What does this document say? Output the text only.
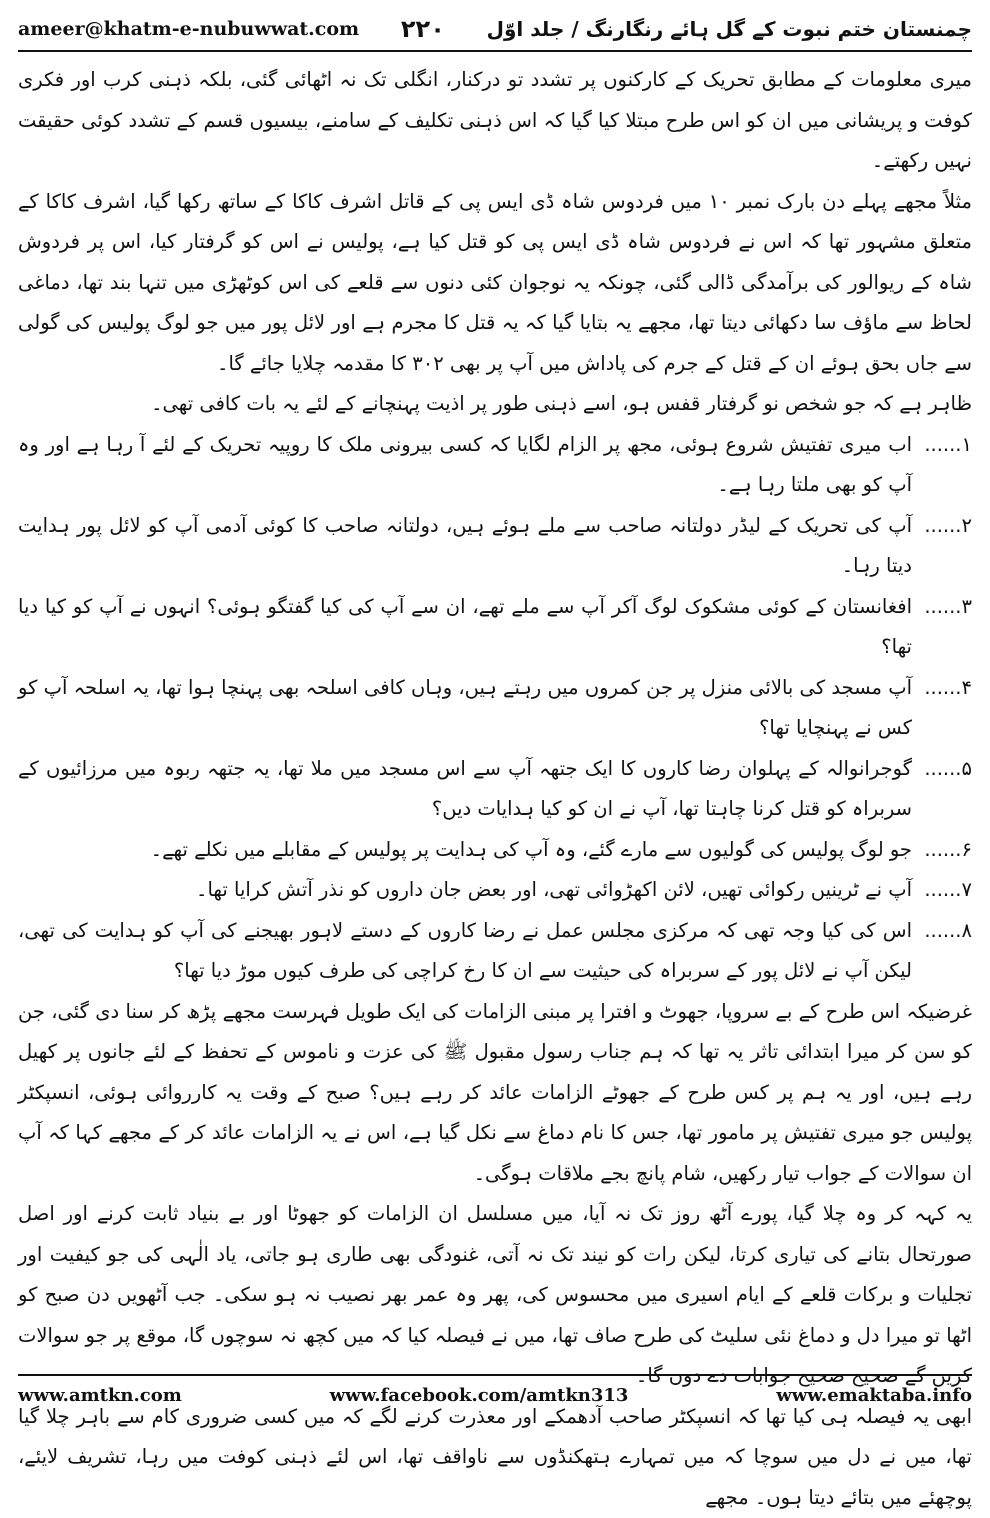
ameer@khatm-e-nubuwwat.com ۲۲۰ چمنستان ختم نبوت کے گل ہائے رنگارنگ / جلد اوّل

میری معلومات کے مطابق تحریک کے کارکنوں پر تشدد تو درکنار، انگلی تک نہ اٹھائی گئی، بلکہ ذہنی کرب اور فکری کوفت و پریشانی میں ان کو اس طرح مبتلا کیا گیا کہ اس ذہنی تکلیف کے سامنے، بیسیوں قسم کے تشدد کوئی حقیقت نہیں رکھتے۔

مثلاً مجھے پہلے دن بارک نمبر ۱۰ میں فردوس شاہ ڈی ایس پی کے قاتل اشرف کاکا کے ساتھ رکھا گیا، اشرف کاکا کے متعلق مشہور تھا کہ اس نے فردوس شاہ ڈی ایس پی کو قتل کیا ہے، پولیس نے اس کو گرفتار کیا، اس پر فردوش شاہ کے ریوالور کی برآمدگی ڈالی گئی، چونکہ یہ نوجوان کئی دنوں سے قلعے کی اس کوٹھڑی میں تنہا بند تھا، دماغی لحاظ سے ماؤف سا دکھائی دیتا تھا، مجھے یہ بتایا گیا کہ یہ قتل کا مجرم ہے اور لائل پور میں جو لوگ پولیس کی گولی سے جاں بحق ہوئے ان کے قتل کے جرم کی پاداش میں آپ پر بھی ۳۰۲ کا مقدمہ چلایا جائے گا۔

ظاہر ہے کہ جو شخص نو گرفتار قفس ہو، اسے ذہنی طور پر اذیت پہنچانے کے لئے یہ بات کافی تھی۔

۱......
اب میری تفتیش شروع ہوئی، مجھ پر الزام لگایا کہ کسی بیرونی ملک کا روپیہ تحریک کے لئے آ رہا ہے اور وہ آپ کو بھی ملتا رہا ہے۔
۲......
آپ کی تحریک کے لیڈر دولتانہ صاحب سے ملے ہوئے ہیں، دولتانہ صاحب کا کوئی آدمی آپ کو لائل پور ہدایت دیتا رہا۔
۳......
افغانستان کے کوئی مشکوک لوگ آکر آپ سے ملے تھے، ان سے آپ کی کیا گفتگو ہوئی؟ انہوں نے آپ کو کیا دیا تھا؟
۴......
آپ مسجد کی بالائی منزل پر جن کمروں میں رہتے ہیں، وہاں کافی اسلحہ بھی پہنچا ہوا تھا، یہ اسلحہ آپ کو کس نے پہنچایا تھا؟
۵......
گوجرانوالہ کے پہلوان رضا کاروں کا ایک جتھہ آپ سے اس مسجد میں ملا تھا، یہ جتھہ ربوہ میں مرزائیوں کے سربراہ کو قتل کرنا چاہتا تھا، آپ نے ان کو کیا ہدایات دیں؟
۶......
جو لوگ پولیس کی گولیوں سے مارے گئے، وہ آپ کی ہدایت پر پولیس کے مقابلے میں نکلے تھے۔
۷......
آپ نے ٹرینیں رکوائی تھیں، لائن اکھڑوائی تھی، اور بعض جان داروں کو نذر آتش کرایا تھا۔
۸......
اس کی کیا وجہ تھی کہ مرکزی مجلس عمل نے رضا کاروں کے دستے لاہور بھیجنے کی آپ کو ہدایت کی تھی، لیکن آپ نے لائل پور کے سربراہ کی حیثیت سے ان کا رخ کراچی کی طرف کیوں موڑ دیا تھا؟

غرضیکہ اس طرح کے بے سروپا، جھوٹ و افترا پر مبنی الزامات کی ایک طویل فہرست مجھے پڑھ کر سنا دی گئی، جن کو سن کر میرا ابتدائی تاثر یہ تھا کہ ہم جناب رسول مقبول ﷺ کی عزت و ناموس کے تحفظ کے لئے جانوں پر کھیل رہے ہیں، اور یہ ہم پر کس طرح کے جھوٹے الزامات عائد کر رہے ہیں؟ صبح کے وقت یہ کارروائی ہوئی، انسپکٹر پولیس جو میری تفتیش پر مامور تھا، جس کا نام دماغ سے نکل گیا ہے، اس نے یہ الزامات عائد کر کے مجھے کہا کہ آپ ان سوالات کے جواب تیار رکھیں، شام پانچ بجے ملاقات ہوگی۔

یہ کہہ کر وہ چلا گیا، پورے آٹھ روز تک نہ آیا، میں مسلسل ان الزامات کو جھوٹا اور بے بنیاد ثابت کرنے اور اصل صورتحال بتانے کی تیاری کرتا، لیکن رات کو نیند تک نہ آتی، غنودگی بھی طاری ہو جاتی، یاد الٰہی کی جو کیفیت اور تجلیات و برکات قلعے کے ایام اسیری میں محسوس کی، پھر وہ عمر بھر نصیب نہ ہو سکی۔ جب آٹھویں دن صبح کو اٹھا تو میرا دل و دماغ نئی سلیٹ کی طرح صاف تھا، میں نے فیصلہ کیا کہ میں کچھ نہ سوچوں گا، موقع پر جو سوالات کریں گے صحیح صحیح جوابات دے دوں گا۔

ابھی یہ فیصلہ ہی کیا تھا کہ انسپکٹر صاحب آدھمکے اور معذرت کرنے لگے کہ میں کسی ضروری کام سے باہر چلا گیا تھا، میں نے دل میں سوچا کہ میں تمہارے ہتھکنڈوں سے ناواقف تھا، اس لئے ذہنی کوفت میں رہا، تشریف لایئے، پوچھئے میں بتائے دیتا ہوں۔ مجھے

www.amtkn.com	www.facebook.com/amtkn313	www.emaktaba.info
